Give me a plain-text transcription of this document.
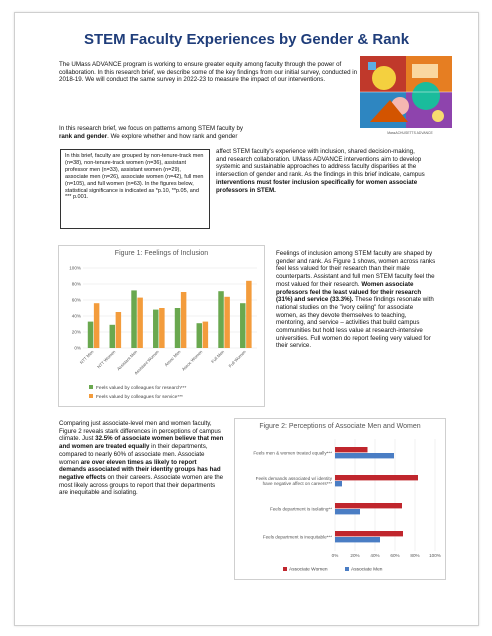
STEM Faculty Experiences by Gender & Rank
The UMass ADVANCE program is working to ensure greater equity among faculty through the power of collaboration. In this research brief, we describe some of the key findings from our initial survey, conducted in 2018-19. We will conduct the same survey in 2022-23 to measure the impact of our interventions.
In this research brief, we focus on patterns among STEM faculty by
rank and gender. We explore whether and how rank and gender
In this brief, faculty are grouped by non-tenure-track men (n=38), non-tenure-track women (n=36), assistant professor men (n=33), assistant women (n=29), associate men (n=26), associate women (n=42), full men (n=105), and full women (n=63). In the figures below, statistical significance is indicated as *p.10, **p.05, and *** p.001.
affect STEM faculty's experience with inclusion, shared decision-making, and research collaboration. UMass ADVANCE interventions aim to develop systemic and sustainable approaches to address faculty disparities at the intersection of gender and rank. As the findings in this brief indicate, campus interventions must foster inclusion specifically for women associate professors in STEM.
MassACHUSETTS ADVANCE
Figure 1: Feelings of Inclusion
100%
80%
60%
40%
20%
0%
NTT Men NTT Women Assistant Men
Assistant Women Assoc Men Assoc Women Full Men Full Women
Feels valued by colleagues for research***
Feels valued by colleagues for service***
Feelings of inclusion among STEM faculty are shaped by gender and rank. As Figure 1 shows, women across ranks feel less valued for their research than their male counterparts. Assistant and full men STEM faculty feel the most valued for their research. Women associate professors feel the least valued for their research (31%) and service (33.3%). These findings resonate with national studies on the "ivory ceiling" for associate women, as they devote themselves to teaching, mentoring, and service – activities that build campus communities but hold less value at research-intensive universities. Full women do report feeling very valued for their service.
Comparing just associate-level men and women faculty, Figure 2 reveals stark differences in perceptions of campus climate. Just 32.5% of associate women believe that men and women are treated equally in their departments, compared to nearly 60% of associate men. Associate women are over eleven times as likely to report demands associated with their identity groups has had negative effects on their careers. Associate women are the most likely across groups to report that their departments are inequitable and isolating.
Figure 2: Perceptions of Associate Men and Women
0%	20% 40% 60% 80% 100%
Feels men & women treated equally***
Feels demands associated w/ identity have negative affect on careers***
Feels department is isolating**
Feels department is inequitable***
Associate Women	Associate Men
